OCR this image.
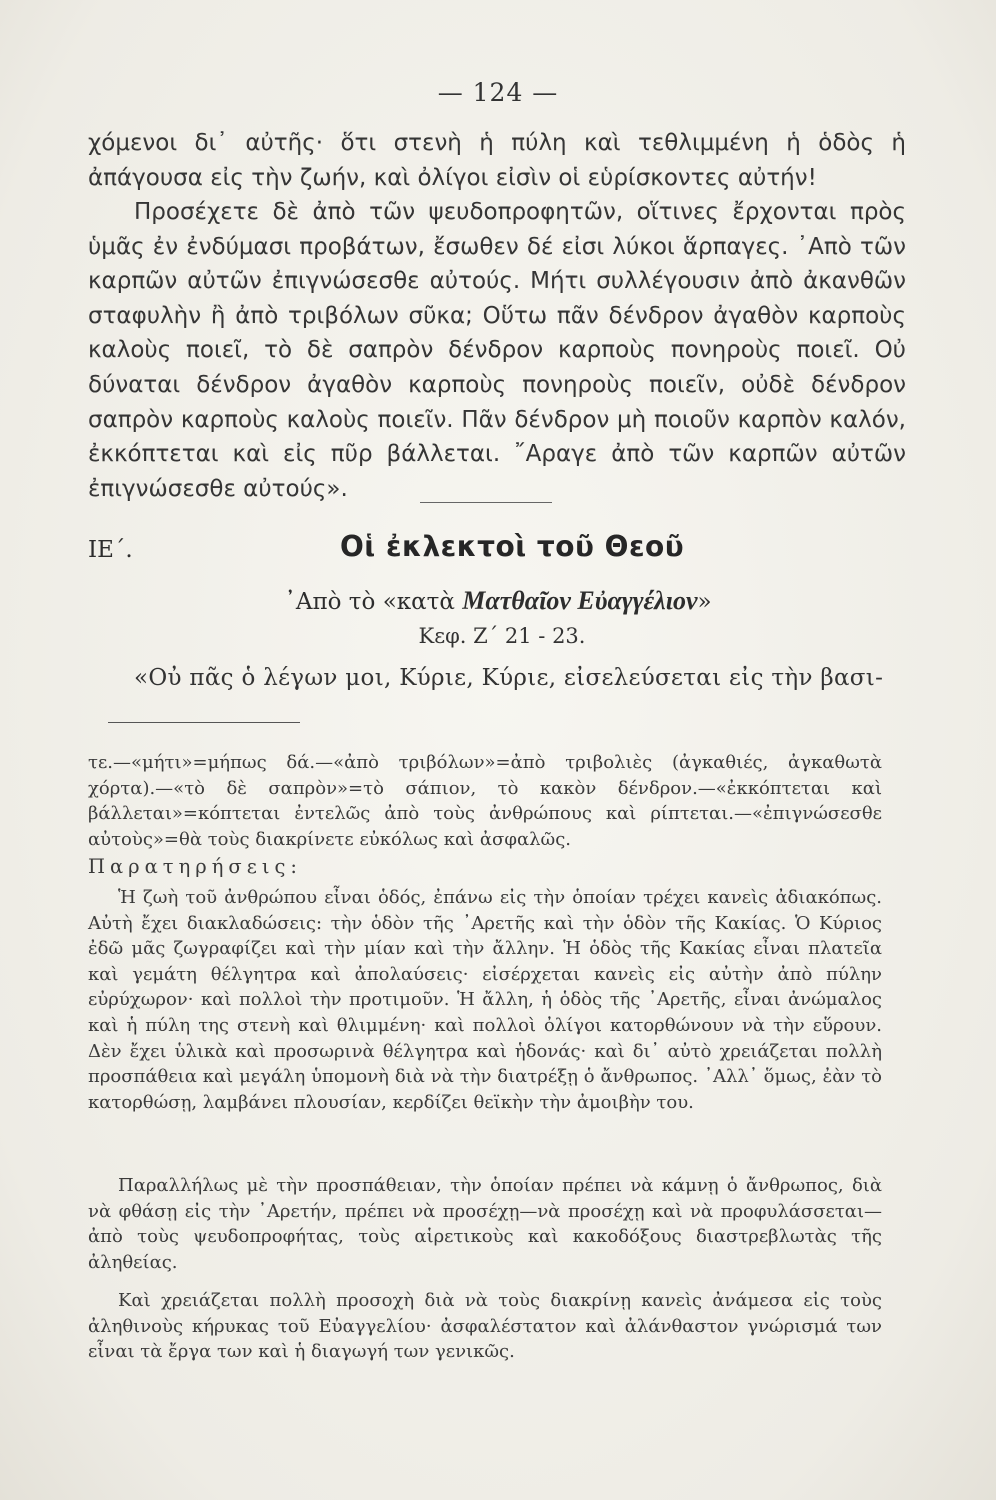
— 124 —

χόμενοι δι᾿ αὐτῆς· ὅτι στενὴ ἡ πύλη καὶ τεθλιμμένη ἡ ὁδὸς ἡ ἀπάγουσα εἰς τὴν ζωήν, καὶ ὀλίγοι εἰσὶν οἱ εὑρίσκοντες αὐτήν!

Προσέχετε δὲ ἀπὸ τῶν ψευδοπροφητῶν, οἵτινες ἔρχονται πρὸς ὑμᾶς ἐν ἐνδύμασι προβάτων, ἔσωθεν δέ εἰσι λύκοι ἅρπαγες. ᾿Απὸ τῶν καρπῶν αὐτῶν ἐπιγνώσεσθε αὐτούς. Μήτι συλλέγουσιν ἀπὸ ἀκανθῶν σταφυλὴν ἢ ἀπὸ τριβόλων σῦκα; Οὕτω πᾶν δένδρον ἀγαθὸν καρποὺς καλοὺς ποιεῖ, τὸ δὲ σαπρὸν δένδρον καρποὺς πονηροὺς ποιεῖ. Οὐ δύναται δένδρον ἀγαθὸν καρποὺς πονηροὺς ποιεῖν, οὐδὲ δένδρον σαπρὸν καρποὺς καλοὺς ποιεῖν. Πᾶν δένδρον μὴ ποιοῦν καρπὸν καλόν, ἐκκόπτεται καὶ εἰς πῦρ βάλλεται. ῎Αραγε ἀπὸ τῶν καρπῶν αὐτῶν ἐπιγνώσεσθε αὐτούς».

ΙΕ΄.	Οἱ ἐκλεκτοὶ τοῦ Θεοῦ
᾿Απὸ τὸ «κατὰ Ματθαῖον Εὐαγγέλιον»
Κεφ. Ζ΄ 21 - 23.
«Οὐ πᾶς ὁ λέγων μοι, Κύριε, Κύριε, εἰσελεύσεται εἰς τὴν βασι-

τε.—«μήτι»=μήπως δά.—«ἀπὸ τριβόλων»=ἀπὸ τριβολιὲς (ἀγκαθιές, ἀγκαθωτὰ χόρτα).—«τὸ δὲ σαπρὸν»=τὸ σάπιον, τὸ κακὸν δένδρον.—«ἐκκόπτεται καὶ βάλλεται»=κόπτεται ἐντελῶς ἀπὸ τοὺς ἀνθρώπους καὶ ρίπτεται.—«ἐπιγνώσεσθε αὐτοὺς»=θὰ τοὺς διακρίνετε εὐκόλως καὶ ἀσφαλῶς.

Παρατηρήσεις:

Ἡ ζωὴ τοῦ ἀνθρώπου εἶναι ὁδός, ἐπάνω εἰς τὴν ὁποίαν τρέχει κανεὶς ἀδιακόπως. Αὐτὴ ἔχει διακλαδώσεις: τὴν ὁδὸν τῆς ᾿Αρετῆς καὶ τὴν ὁδὸν τῆς Κακίας. Ὁ Κύριος ἐδῶ μᾶς ζωγραφίζει καὶ τὴν μίαν καὶ τὴν ἄλλην. Ἡ ὁδὸς τῆς Κακίας εἶναι πλατεῖα καὶ γεμάτη θέλγητρα καὶ ἀπολαύσεις· εἰσέρχεται κανεὶς εἰς αὐτὴν ἀπὸ πύλην εὐρύχωρον· καὶ πολλοὶ τὴν προτιμοῦν. Ἡ ἄλλη, ἡ ὁδὸς τῆς ᾿Αρετῆς, εἶναι ἀνώμαλος καὶ ἡ πύλη της στενὴ καὶ θλιμμένη· καὶ πολλοὶ ὀλίγοι κατορθώνουν νὰ τὴν εὕρουν. Δὲν ἔχει ὑλικὰ καὶ προσωρινὰ θέλγητρα καὶ ἡδονάς· καὶ δι᾿ αὐτὸ χρειάζεται πολλὴ προσπάθεια καὶ μεγάλη ὑπομονὴ διὰ νὰ τὴν διατρέξῃ ὁ ἄνθρωπος. ᾿Αλλ᾿ ὅμως, ἐὰν τὸ κατορθώσῃ, λαμβάνει πλουσίαν, κερδίζει θεϊκὴν τὴν ἀμοιβὴν του.

Παραλλήλως μὲ τὴν προσπάθειαν, τὴν ὁποίαν πρέπει νὰ κάμνῃ ὁ ἄνθρωπος, διὰ νὰ φθάσῃ εἰς τὴν ᾿Αρετήν, πρέπει νὰ προσέχῃ—νὰ προσέχῃ καὶ νὰ προφυλάσσεται—ἀπὸ τοὺς ψευδοπροφήτας, τοὺς αἱρετικοὺς καὶ κακοδόξους διαστρεβλωτὰς τῆς ἀληθείας.

Καὶ χρειάζεται πολλὴ προσοχὴ διὰ νὰ τοὺς διακρίνῃ κανεὶς ἀνάμεσα εἰς τοὺς ἀληθινοὺς κήρυκας τοῦ Εὐαγγελίου· ἀσφαλέστατον καὶ ἀλάνθαστον γνώρισμά των εἶναι τὰ ἔργα των καὶ ἡ διαγωγή των γενικῶς.
